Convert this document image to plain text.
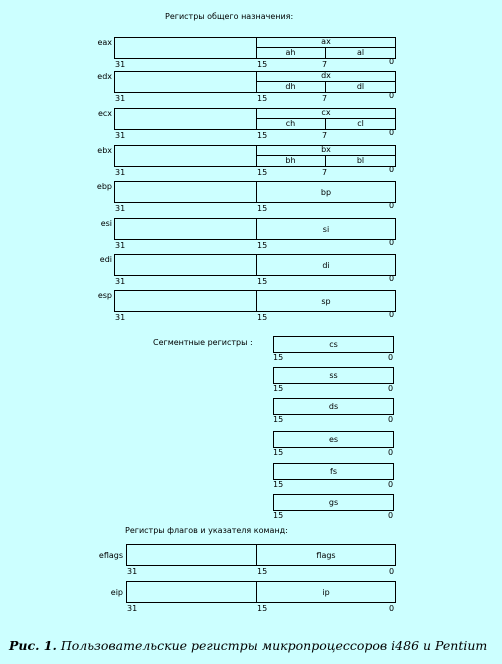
Регистры общего назначения:
Сегментные регистры :
Регистры флагов и указателя команд:
eax	ax
ah	al
31	15	7	0
edx	dx
dh	dl
31	15	7	0
ecx	cx
ch	cl
31	15	7	0
ebx	bx
bh	bl
31	15	7	0
ebp
bp
31	15	0
esi
si
31	15	0
edi
di
31	15	0
esp
sp
31	15	0
cs
15	0
ss
15	0
ds
15	0
es
15	0
fs
15	0
gs
15	0
eflags	flags
31	15	0
eip	ip
31	15	0
Рис. 1. Пользовательские регистры микропроцессоров i486 и Pentium
